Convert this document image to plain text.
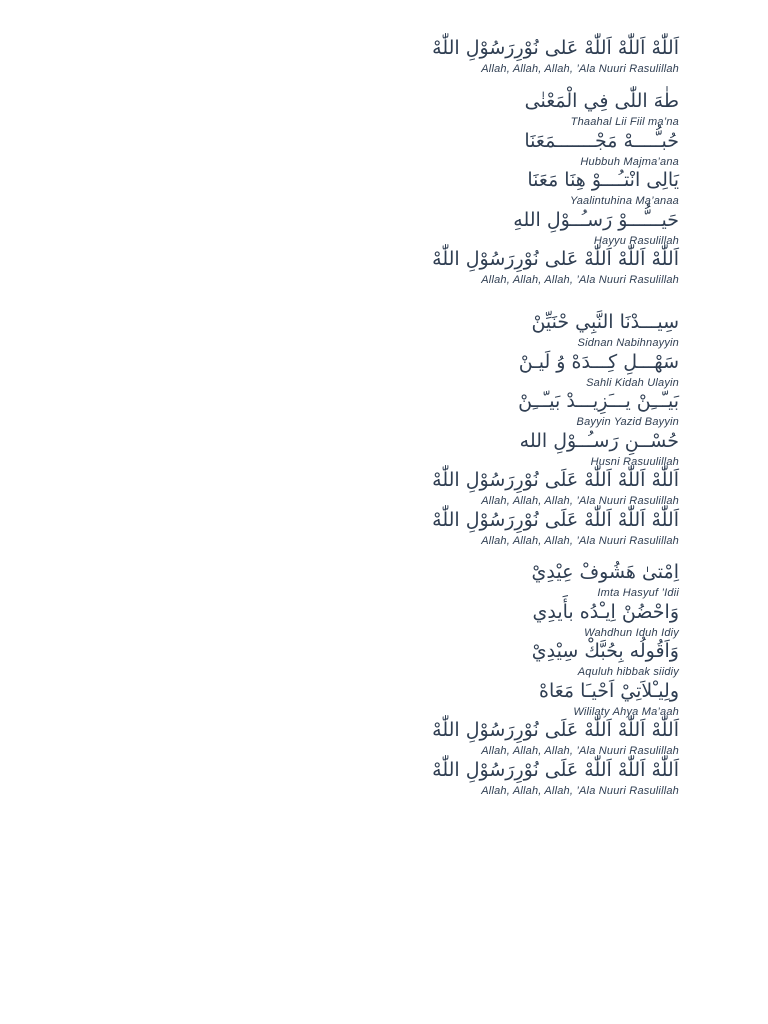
اَللّٰهْ اَللّٰهْ اَللّٰهْ عَلى نُوْرِرَسُوْلِ اللّٰهْ
Allah, Allah, Allah, ’Ala Nuuri Rasulillah
طٰهَ اللّٰى فِي الْمَعْنٰى
Thaahal Lii Fiil ma’na
حُبـُّــــهْ مَجْـــــــمَعَنَا
Hubbuh Majma’ana
يَالِى انْتـُـــوْ هِنَا مَعَنَا
Yaalintuhina Ma’anaa
حَيـــُّـــوْ رَسـُــوْلِ اللهِ
Hayyu Rasulillah
اَللّٰهْ اَللّٰهْ اَللّٰهْ عَلى نُوْرِرَسُوْلِ اللّٰهْ
Allah, Allah, Allah, ’Ala Nuuri Rasulillah
سِيـــدْنَا النَّبِي حْنَيِّنْ
Sidnan Nabihnayyin
سَهْـــلِ كِـــدَهْ وُ لَيـنْ
Sahli Kidah Ulayin
بَيـّــِنْ يـــَزِيـــدْ بَيـّــِنْ
Bayyin Yazid Bayyin
حُسْــنِ رَسـُــوْلِ الله
Husni Rasuulillah
اَللّٰهْ اَللّٰهْ اَللّٰهْ عَلَى نُوْرِرَسُوْلِ اللّٰهْ
Allah, Allah, Allah, ’Ala Nuuri Rasulillah
اَللّٰهْ اَللّٰهْ اَللّٰهْ عَلَى نُوْرِرَسُوْلِ اللّٰهْ
Allah, Allah, Allah, ’Ala Nuuri Rasulillah
اِمْتىٰ هَشُوفْ عِيْدِيْ
Imta Hasyuf ’Idii
وَاحْضُنْ اِيـْدُه بأَيدِي
Wahdhun Iduh Idiy
وَاَقُولُه بِحُبَّكْ سِيْدِيْ
Aquluh hibbak siidiy
ولِيـْلاَتِيْ اَحْيـَا مَعَاهْ
Wililaty Ahya Ma’aah
اَللّٰهْ اَللّٰهْ اَللّٰهْ عَلَى نُوْرِرَسُوْلِ اللّٰهْ
Allah, Allah, Allah, ’Ala Nuuri Rasulillah
اَللّٰهْ اَللّٰهْ اَللّٰهْ عَلَى نُوْرِرَسُوْلِ اللّٰهْ
Allah, Allah, Allah, ’Ala Nuuri Rasulillah
